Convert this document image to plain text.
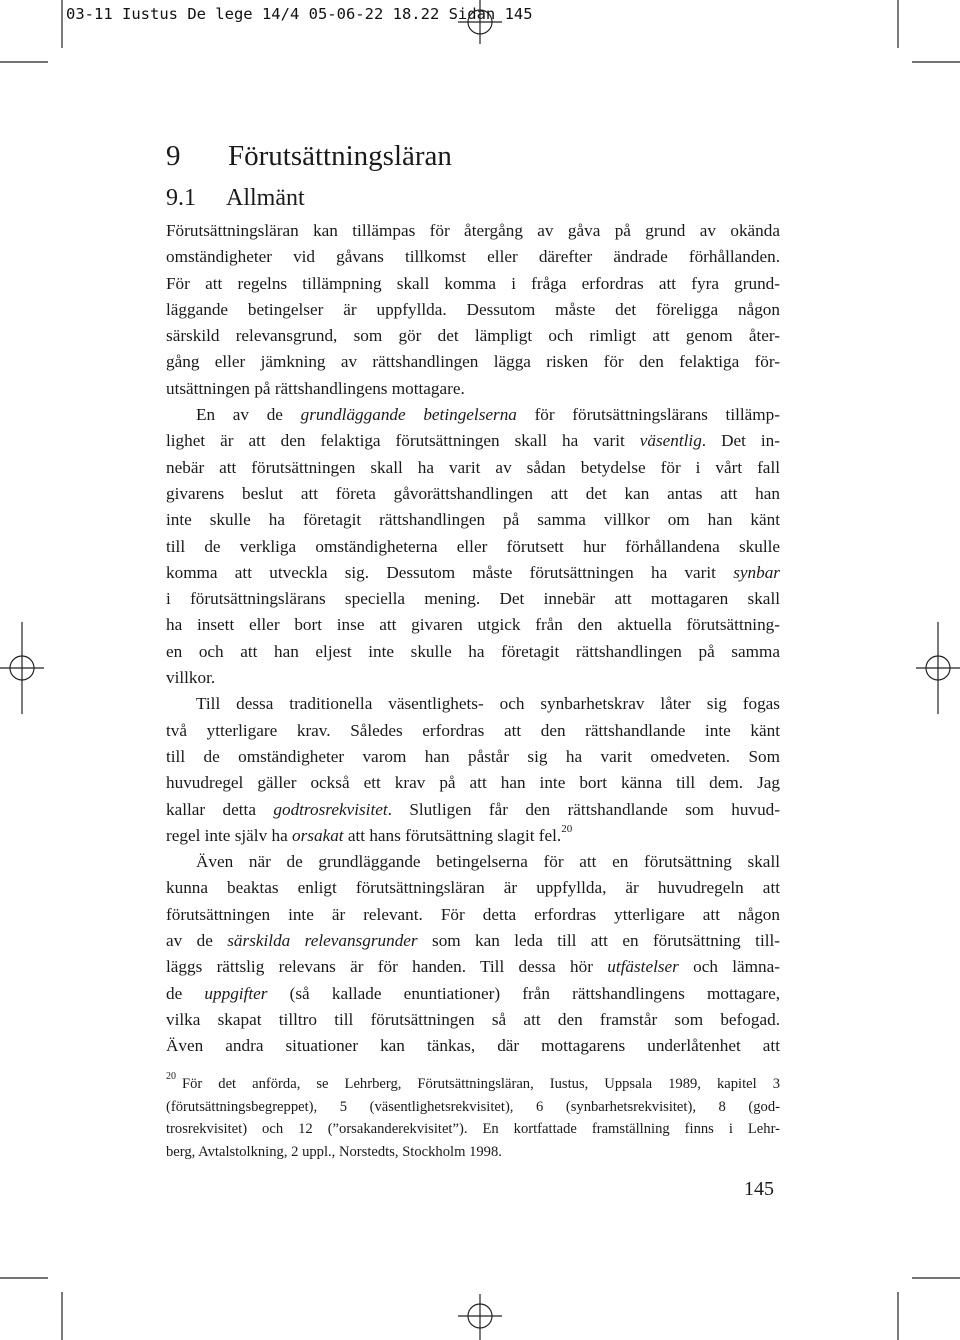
03-11 Iustus De lege 14/4 05-06-22 18.22 Sidan 145
9 Förutsättningsläran
9.1 Allmänt
Förutsättningsläran kan tillämpas för återgång av gåva på grund av okända
omständigheter vid gåvans tillkomst eller därefter ändrade förhållanden.
För att regelns tillämpning skall komma i fråga erfordras att fyra grund-
läggande betingelser är uppfyllda. Dessutom måste det föreligga någon
särskild relevansgrund, som gör det lämpligt och rimligt att genom åter-
gång eller jämkning av rättshandlingen lägga risken för den felaktiga för-
utsättningen på rättshandlingens mottagare.
En av de grundläggande betingelserna för förutsättningslärans tillämp-
lighet är att den felaktiga förutsättningen skall ha varit väsentlig. Det in-
nebär att förutsättningen skall ha varit av sådan betydelse för i vårt fall
givarens beslut att företa gåvorättshandlingen att det kan antas att han
inte skulle ha företagit rättshandlingen på samma villkor om han känt
till de verkliga omständigheterna eller förutsett hur förhållandena skulle
komma att utveckla sig. Dessutom måste förutsättningen ha varit synbar
i förutsättningslärans speciella mening. Det innebär att mottagaren skall
ha insett eller bort inse att givaren utgick från den aktuella förutsättning-
en och att han eljest inte skulle ha företagit rättshandlingen på samma
villkor.
Till dessa traditionella väsentlighets- och synbarhetskrav låter sig fogas
två ytterligare krav. Således erfordras att den rättshandlande inte känt
till de omständigheter varom han påstår sig ha varit omedveten. Som
huvudregel gäller också ett krav på att han inte bort känna till dem. Jag
kallar detta godtrosrekvisitet. Slutligen får den rättshandlande som huvud-
regel inte själv ha orsakat att hans förutsättning slagit fel.$^{20}$
Även när de grundläggande betingelserna för att en förutsättning skall
kunna beaktas enligt förutsättningsläran är uppfyllda, är huvudregeln att
förutsättningen inte är relevant. För detta erfordras ytterligare att någon
av de särskilda relevansgrunder som kan leda till att en förutsättning till-
läggs rättslig relevans är för handen. Till dessa hör utfästelser och lämna-
de uppgifter (så kallade enuntiationer) från rättshandlingens mottagare,
vilka skapat tilltro till förutsättningen så att den framstår som befogad.
Även andra situationer kan tänkas, där mottagarens underlåtenhet att
$^{20}$ För det anförda, se Lehrberg, Förutsättningsläran, Iustus, Uppsala 1989, kapitel 3
(förutsättningsbegreppet), 5 (väsentlighetsrekvisitet), 6 (synbarhetsrekvisitet), 8 (god-
trosrekvisitet) och 12 (”orsakanderekvisitet”). En kortfattade framställning finns i Lehr-
berg, Avtalstolkning, 2 uppl., Norstedts, Stockholm 1998.
145
